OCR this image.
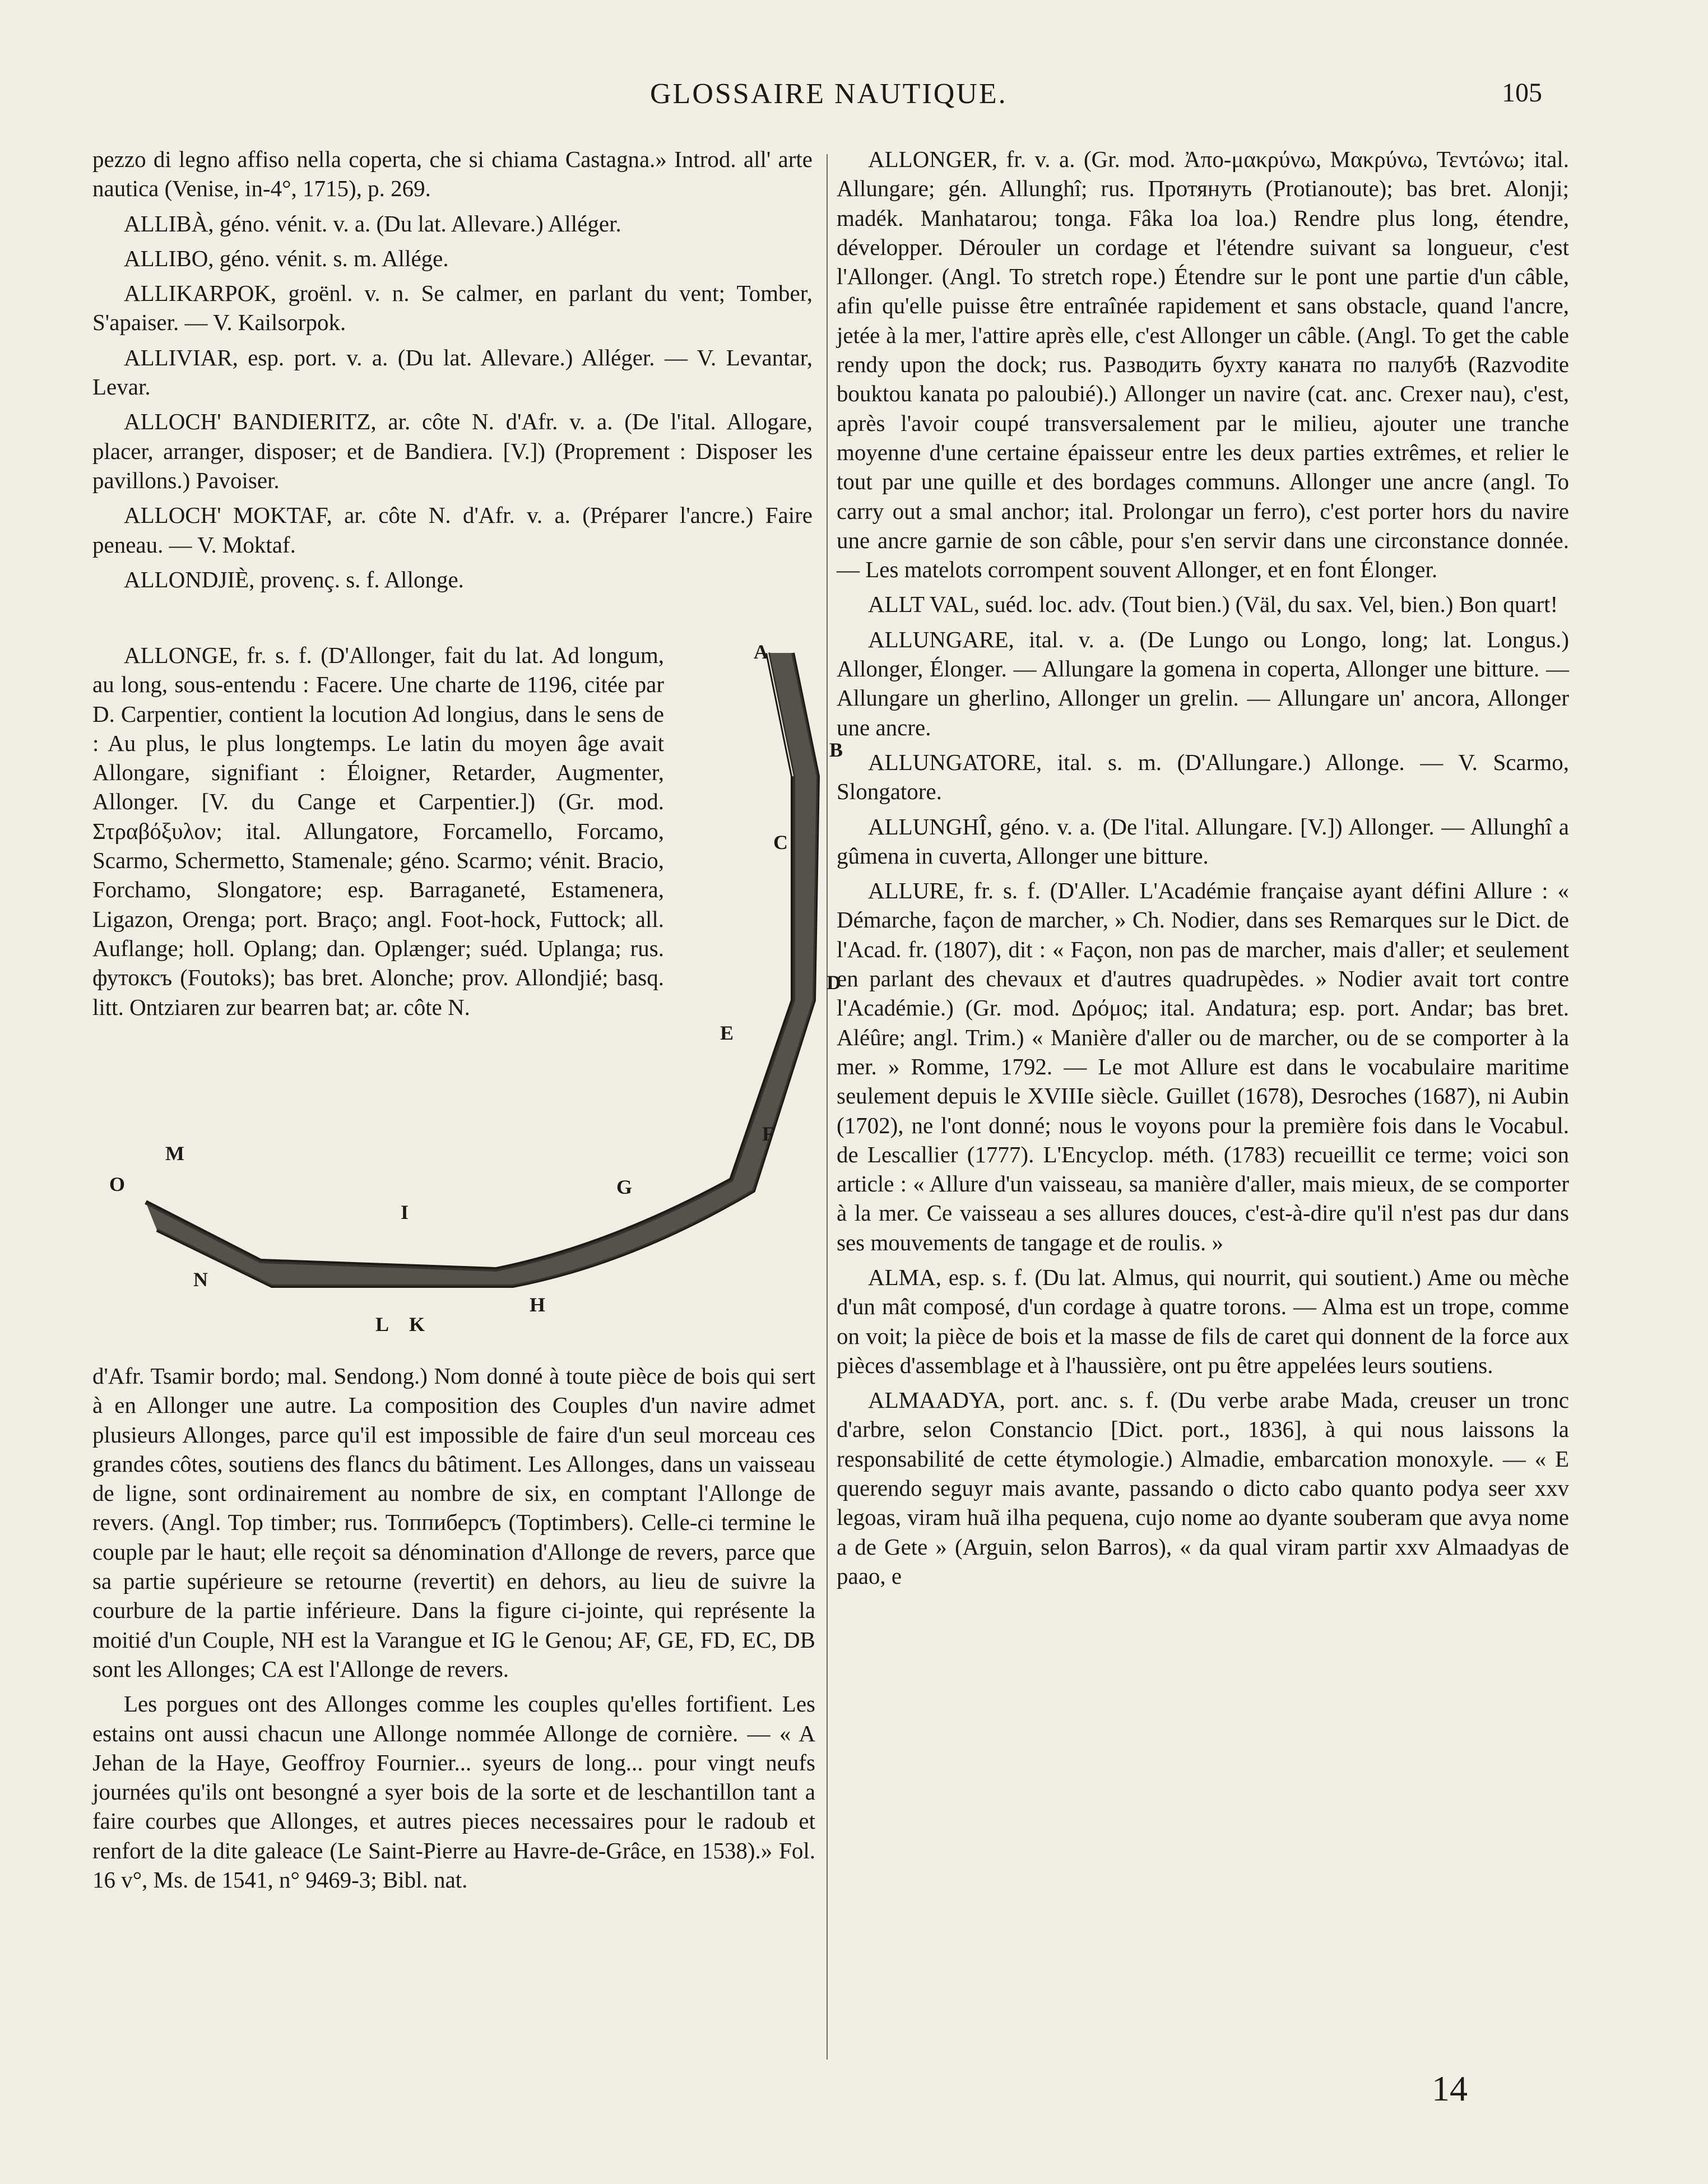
GLOSSAIRE NAUTIQUE.	105

pezzo di legno affiso nella coperta, che si chiama Castagna.» Introd. all' arte nautica (Venise, in-4°, 1715), p. 269.

ALLIBÀ, géno. vénit. v. a. (Du lat. Allevare.) Alléger.

ALLIBO, géno. vénit. s. m. Allége.

ALLIKARPOK, groënl. v. n. Se calmer, en parlant du vent; Tomber, S'apaiser. — V. Kailsorpok.

ALLIVIAR, esp. port. v. a. (Du lat. Allevare.) Alléger. — V. Levantar, Levar.

ALLOCH' BANDIERITZ, ar. côte N. d'Afr. v. a. (De l'ital. Allogare, placer, arranger, disposer; et de Bandiera. [V.]) (Proprement : Disposer les pavillons.) Pavoiser.

ALLOCH' MOKTAF, ar. côte N. d'Afr. v. a. (Préparer l'ancre.) Faire peneau. — V. Moktaf.

ALLONDJIÈ, provenç. s. f. Allonge.

ALLONGE, fr. s. f. (D'Allonger, fait du lat. Ad longum, au long, sous-entendu : Facere. Une charte de 1196, citée par D. Carpentier, contient la locution Ad longius, dans le sens de : Au plus, le plus longtemps. Le latin du moyen âge avait Allongare, signifiant : Éloigner, Retarder, Augmenter, Allonger. [V. du Cange et Carpentier.]) (Gr. mod. Στραβόξυλον; ital. Allungatore, Forcamello, Forcamo, Scarmo, Schermetto, Stamenale; géno. Scarmo; vénit. Bracio, Forchamo, Slongatore; esp. Barraganeté, Estamenera, Ligazon, Orenga; port. Braço; angl. Foot-hock, Futtock; all. Auflange; holl. Oplang; dan. Oplænger; suéd. Uplanga; rus. футоксъ (Foutoks); bas bret. Alonche; prov. Allondjié; basq. litt. Ontziaren zur bearren bat; ar. côte N.

A
B
C
D
E
F
G
H
I
K
L
M
N
O

d'Afr. Tsamir bordo; mal. Sendong.) Nom donné à toute pièce de bois qui sert à en Allonger une autre. La composition des Couples d'un navire admet plusieurs Allonges, parce qu'il est impossible de faire d'un seul morceau ces grandes côtes, soutiens des flancs du bâtiment. Les Allonges, dans un vaisseau de ligne, sont ordinairement au nombre de six, en comptant l'Allonge de revers. (Angl. Top timber; rus. Топпиберсъ (Toptimbers). Celle-ci termine le couple par le haut; elle reçoit sa dénomination d'Allonge de revers, parce que sa partie supérieure se retourne (revertit) en dehors, au lieu de suivre la courbure de la partie inférieure. Dans la figure ci-jointe, qui représente la moitié d'un Couple, NH est la Varangue et IG le Genou; AF, GE, FD, EC, DB sont les Allonges; CA est l'Allonge de revers.

Les porgues ont des Allonges comme les couples qu'elles fortifient. Les estains ont aussi chacun une Allonge nommée Allonge de cornière. — « A Jehan de la Haye, Geoffroy Fournier... syeurs de long... pour vingt neufs journées qu'ils ont besongné a syer bois de la sorte et de leschantillon tant a faire courbes que Allonges, et autres pieces necessaires pour le radoub et renfort de la dite galeace (Le Saint-Pierre au Havre-de-Grâce, en 1538).» Fol. 16 v°, Ms. de 1541, n° 9469-3; Bibl. nat.

ALLONGER, fr. v. a. (Gr. mod. Ἀπο-μακρύνω, Μακρύνω, Τεντώνω; ital. Allungare; gén. Allunghî; rus. Протянуть (Protianoute); bas bret. Alonji; madék. Manhatarou; tonga. Fâka loa loa.) Rendre plus long, étendre, développer. Dérouler un cordage et l'étendre suivant sa longueur, c'est l'Allonger. (Angl. To stretch rope.) Étendre sur le pont une partie d'un câble, afin qu'elle puisse être entraînée rapidement et sans obstacle, quand l'ancre, jetée à la mer, l'attire après elle, c'est Allonger un câble. (Angl. To get the cable rendy upon the dock; rus. Разводить бухту каната по палубѣ (Razvodite bouktou kanata po paloubié).) Allonger un navire (cat. anc. Crexer nau), c'est, après l'avoir coupé transversalement par le milieu, ajouter une tranche moyenne d'une certaine épaisseur entre les deux parties extrêmes, et relier le tout par une quille et des bordages communs. Allonger une ancre (angl. To carry out a smal anchor; ital. Prolongar un ferro), c'est porter hors du navire une ancre garnie de son câble, pour s'en servir dans une circonstance donnée. — Les matelots corrompent souvent Allonger, et en font Élonger.

ALLT VAL, suéd. loc. adv. (Tout bien.) (Väl, du sax. Vel, bien.) Bon quart!

ALLUNGARE, ital. v. a. (De Lungo ou Longo, long; lat. Longus.) Allonger, Élonger. — Allungare la gomena in coperta, Allonger une bitture. — Allungare un gherlino, Allonger un grelin. — Allungare un' ancora, Allonger une ancre.

ALLUNGATORE, ital. s. m. (D'Allungare.) Allonge. — V. Scarmo, Slongatore.

ALLUNGHÎ, géno. v. a. (De l'ital. Allungare. [V.]) Allonger. — Allunghî a gûmena in cuverta, Allonger une bitture.

ALLURE, fr. s. f. (D'Aller. L'Académie française ayant défini Allure : « Démarche, façon de marcher, » Ch. Nodier, dans ses Remarques sur le Dict. de l'Acad. fr. (1807), dit : « Façon, non pas de marcher, mais d'aller; et seulement en parlant des chevaux et d'autres quadrupèdes. » Nodier avait tort contre l'Académie.) (Gr. mod. Δρόμος; ital. Andatura; esp. port. Andar; bas bret. Aléûre; angl. Trim.) « Manière d'aller ou de marcher, ou de se comporter à la mer. » Romme, 1792. — Le mot Allure est dans le vocabulaire maritime seulement depuis le XVIIIe siècle. Guillet (1678), Desroches (1687), ni Aubin (1702), ne l'ont donné; nous le voyons pour la première fois dans le Vocabul. de Lescallier (1777). L'Encyclop. méth. (1783) recueillit ce terme; voici son article : « Allure d'un vaisseau, sa manière d'aller, mais mieux, de se comporter à la mer. Ce vaisseau a ses allures douces, c'est-à-dire qu'il n'est pas dur dans ses mouvements de tangage et de roulis. »

ALMA, esp. s. f. (Du lat. Almus, qui nourrit, qui soutient.) Ame ou mèche d'un mât composé, d'un cordage à quatre torons. — Alma est un trope, comme on voit; la pièce de bois et la masse de fils de caret qui donnent de la force aux pièces d'assemblage et à l'haussière, ont pu être appelées leurs soutiens.

ALMAADYA, port. anc. s. f. (Du verbe arabe Mada, creuser un tronc d'arbre, selon Constancio [Dict. port., 1836], à qui nous laissons la responsabilité de cette étymologie.) Almadie, embarcation monoxyle. — « E querendo seguyr mais avante, passando o dicto cabo quanto podya seer xxv legoas, viram huã ilha pequena, cujo nome ao dyante souberam que avya nome a de Gete » (Arguin, selon Barros), « da qual viram partir xxv Almaadyas de paao, e

14
